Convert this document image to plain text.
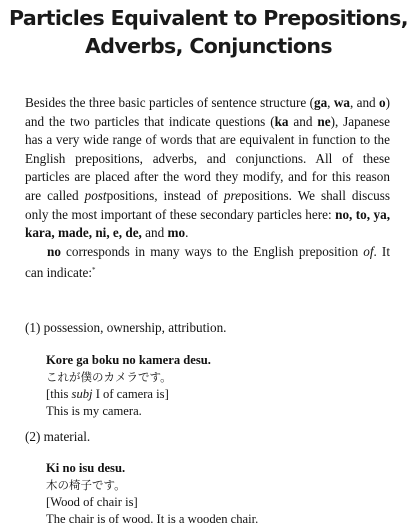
Particles Equivalent to Prepositions,
Adverbs, Conjunctions

Besides the three basic particles of sentence structure (ga, wa, and o) and the two particles that indicate questions (ka and ne), Japanese has a very wide range of words that are equivalent in function to the English prepositions, adverbs, and conjunctions. All of these particles are placed after the word they modify, and for this reason are called postpositions, instead of prepositions. We shall discuss only the most important of these secondary particles here: no, to, ya, kara, made, ni, e, de, and mo.

no corresponds in many ways to the English preposition of. It can indicate:*

(1) possession, ownership, attribution.
Kore ga boku no kamera desu.
これが僕のカメラです。
[this subj I of camera is]
This is my camera.
(2) material.
Ki no isu desu.
木の椅子です。
[Wood of chair is]
The chair is of wood. It is a wooden chair.
